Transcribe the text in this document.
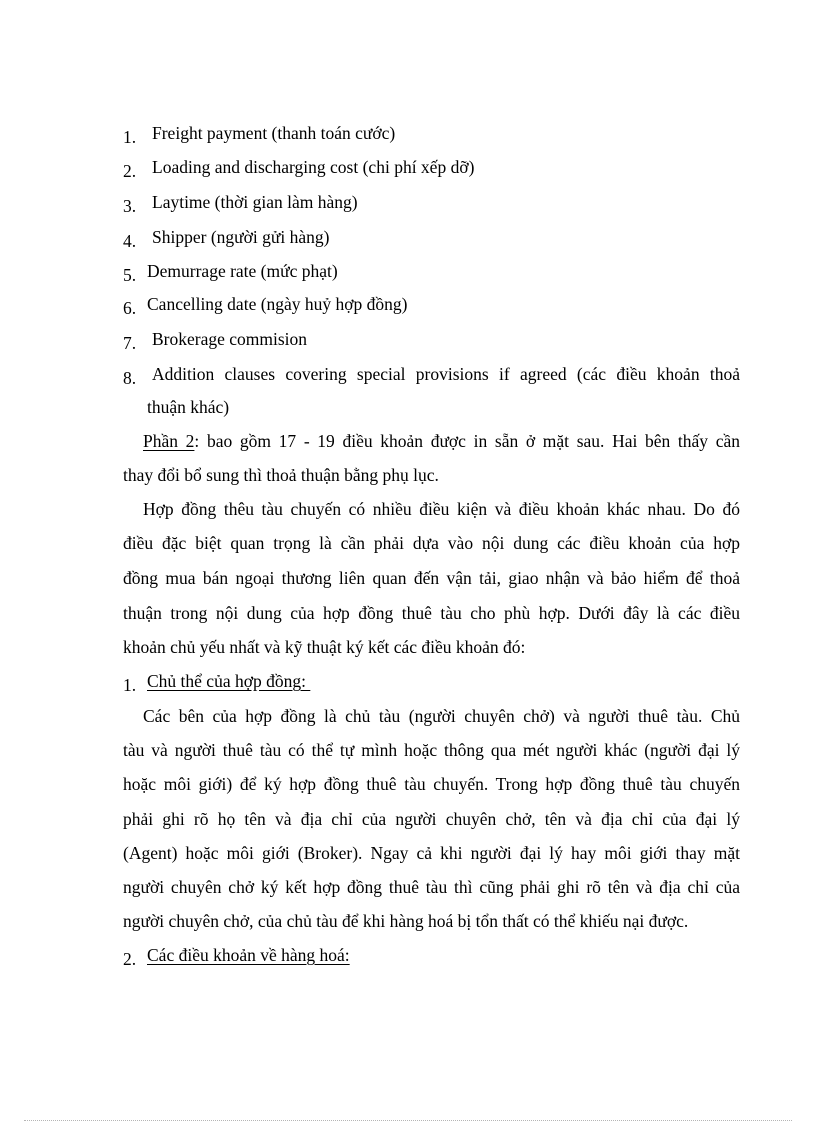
1. Freight payment (thanh toán cước)
2. Loading and discharging cost (chi phí xếp dỡ)
3. Laytime (thời gian làm hàng)
4. Shipper (người gửi hàng)
5. Demurrage rate (mức phạt)
6. Cancelling date (ngày huỷ hợp đồng)
7. Brokerage commision
8. Addition clauses covering special provisions if agreed (các điều khoản thoả
thuận khác)
Phần 2: bao gồm 17 - 19 điều khoản được in sẵn ở mặt sau. Hai bên thấy cần
thay đổi bổ sung thì thoả thuận bằng phụ lục.
Hợp đồng thêu tàu chuyến có nhiều điều kiện và điều khoản khác nhau. Do đó
điều đặc biệt quan trọng là cần phải dựa vào nội dung các điều khoản của hợp
đồng mua bán ngoại thương liên quan đến vận tải, giao nhận và bảo hiểm để thoả
thuận trong nội dung của hợp đồng thuê tàu cho phù hợp. Dưới đây là các điều
khoản chủ yếu nhất và kỹ thuật ký kết các điều khoản đó:
1. Chủ thể của hợp đồng:
Các bên của hợp đồng là chủ tàu (người chuyên chở) và người thuê tàu. Chủ
tàu và người thuê tàu có thể tự mình hoặc thông qua mét người khác (người đại lý
hoặc môi giới) để ký hợp đồng thuê tàu chuyến. Trong hợp đồng thuê tàu chuyến
phải ghi rõ họ tên và địa chỉ của người chuyên chở, tên và địa chỉ của đại lý
(Agent) hoặc môi giới (Broker). Ngay cả khi người đại lý hay môi giới thay mặt
người chuyên chở ký kết hợp đồng thuê tàu thì cũng phải ghi rõ tên và địa chỉ của
người chuyên chở, của chủ tàu để khi hàng hoá bị tổn thất có thể khiếu nại được.
2. Các điều khoản về hàng hoá:
